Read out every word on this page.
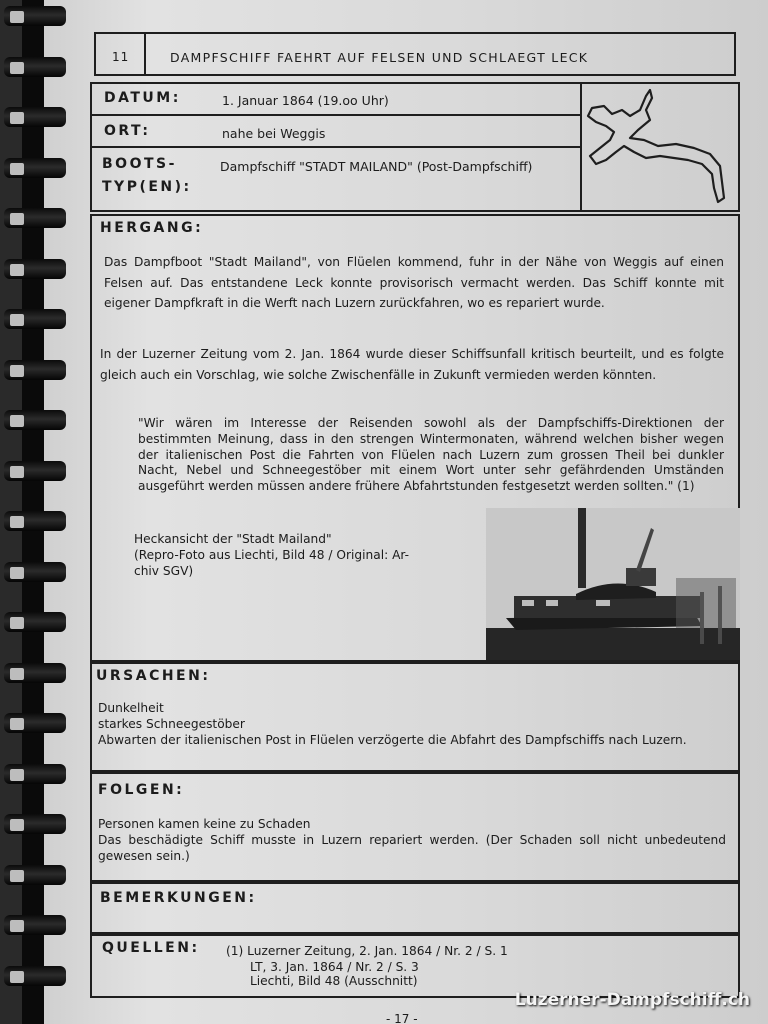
11	DAMPFSCHIFF FAEHRT AUF FELSEN UND SCHLAEGT LECK
DATUM:	1. Januar 1864 (19.oo Uhr)
ORT:	nahe bei Weggis
BOOTS-
TYP(EN):
Dampfschiff "STADT MAILAND" (Post-Dampfschiff)
HERGANG:
Das Dampfboot "Stadt Mailand", von Flüelen kommend, fuhr in der Nähe von Weggis auf einen Felsen auf. Das entstandene Leck konnte provisorisch vermacht werden. Das Schiff konnte mit eigener Dampfkraft in die Werft nach Luzern zurückfahren, wo es repariert wurde.
In der Luzerner Zeitung vom 2. Jan. 1864 wurde dieser Schiffsunfall kritisch beurteilt, und es folgte gleich auch ein Vorschlag, wie solche Zwischenfälle in Zukunft vermieden werden könnten.
"Wir wären im Interesse der Reisenden sowohl als der Dampfschiffs-Direktionen der bestimmten Meinung, dass in den strengen Wintermonaten, während welchen bisher wegen der italienischen Post die Fahrten von Flüelen nach Luzern zum grossen Theil bei dunkler Nacht, Nebel und Schneegestöber mit einem Wort unter sehr gefährdenden Umständen ausgeführt werden müssen andere frühere Abfahrtstunden festgesetzt werden sollten." (1)
Heckansicht der "Stadt Mailand"
(Repro-Foto aus Liechti, Bild 48 / Original: Ar-
chiv SGV)
URSACHEN:
Dunkelheit
starkes Schneegestöber
Abwarten der italienischen Post in Flüelen verzögerte die Abfahrt des Dampfschiffs nach Luzern.
FOLGEN:
Personen kamen keine zu Schaden
Das beschädigte Schiff musste in Luzern repariert werden. (Der Schaden soll nicht unbedeutend gewesen sein.)
BEMERKUNGEN:
QUELLEN: (1) Luzerner Zeitung, 2. Jan. 1864 / Nr. 2 / S. 1
LT, 3. Jan. 1864 / Nr. 2 / S. 3
Liechti, Bild 48 (Ausschnitt)
- 17 -
Luzerner-Dampfschiff.ch
